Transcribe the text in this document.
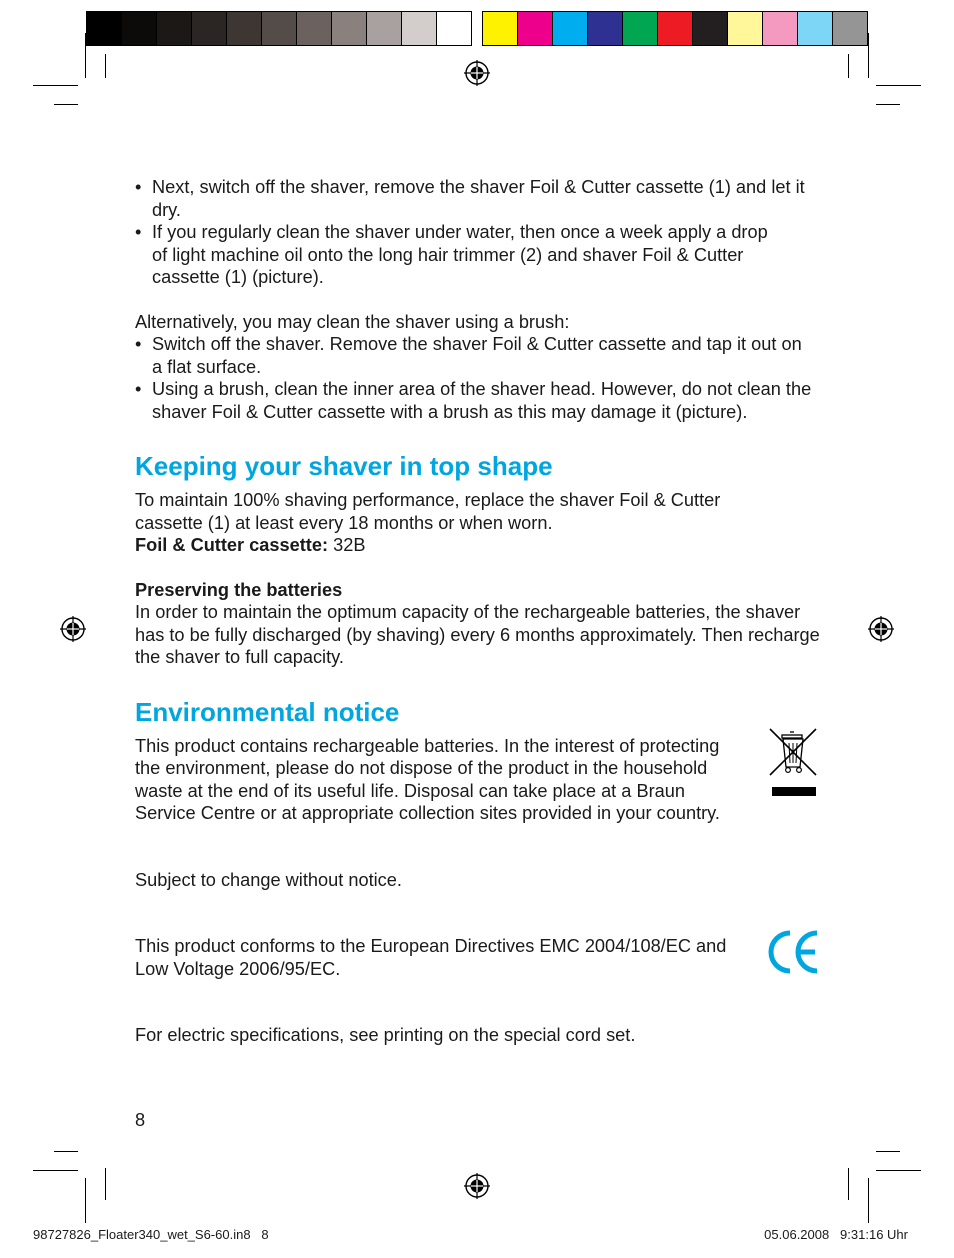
• Next, switch off the shaver, remove the shaver Foil & Cutter cassette (1) and let it dry.
• If you regularly clean the shaver under water, then once a week apply a drop of light machine oil onto the long hair trimmer (2) and shaver Foil & Cutter cassette (1) (picture).

Alternatively, you may clean the shaver using a brush:

• Switch off the shaver. Remove the shaver Foil & Cutter cassette and tap it out on a flat surface.
• Using a brush, clean the inner area of the shaver head. However, do not clean the shaver Foil & Cutter cassette with a brush as this may damage it (picture).
Keeping your shaver in top shape

To maintain 100% shaving performance, replace the shaver Foil & Cutter cassette (1) at least every 18 months or when worn.

Foil & Cutter cassette: 32B

Preserving the batteries

In order to maintain the optimum capacity of the rechargeable batteries, the shaver has to be fully discharged (by shaving) every 6 months approximately. Then recharge the shaver to full capacity.

Environmental notice

This product contains rechargeable batteries. In the interest of protecting the environment, please do not dispose of the product in the household waste at the end of its useful life. Disposal can take place at a Braun Service Centre or at appropriate collection sites provided in your country.

Subject to change without notice.

This product conforms to the European Directives EMC 2004/108/EC and Low Voltage 2006/95/EC.

For electric specifications, see printing on the special cord set.

8
98727826_Floater340_wet_S6-60.in8   8	05.06.2008   9:31:16 Uhr
